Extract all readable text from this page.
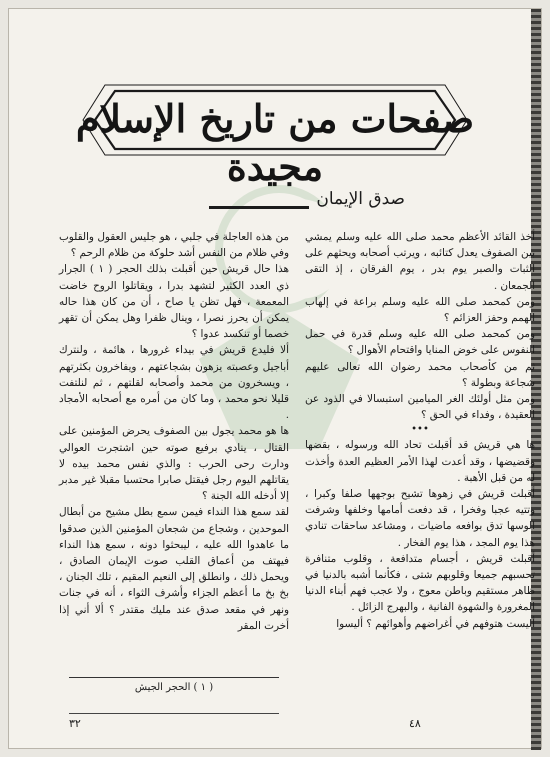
صفحات من تاريخ الإسلام مجيدة
صدق الإيمان

أخذ القائد الأعظم محمد صلى الله عليه وسلم يمشي بين الصفوف يعدل كتائبه ، ويرتب أصحابه ويحثهم على الثبات والصبر يوم بدر ، يوم الفرقان ، إذ التقى الجمعان .

ومن كمحمد صلى الله عليه وسلم براعة في إلهاب الهمم وحفز العزائم ؟

ومن كمحمد صلى الله عليه وسلم قدرة في حمل النفوس على خوض المنايا واقتحام الأهوال ؟

ثم من كأصحاب محمد رضوان الله تعالى عليهم شجاعة وبطولة ؟

ومن مثل أولئك الغر الميامين استبسالا في الذود عن العقيدة ، وفداء في الحق ؟

•••

ها هي قريش قد أقبلت تحاد الله ورسوله ، بقضها وقضيضها ، وقد أعدت لهذا الأمر العظيم العدة وأخذت له من قبل الأهبة .

أقبلت قريش في زهوها تشيح بوجهها صلفا وكبرا ، وتتيه عجبا وفخرا ، قد دفعت أمامها وخلفها وشرفت الوسها تدق بوافعه ماضيات ، ومشاعد ساحقات تنادي هذا يوم المجد ، هذا يوم الفخار .

أقبلت قريش ، أجسام متدافعة ، وقلوب متنافرة تحسبهم جميعا وقلوبهم شتى ، فكأنما أشبه بالدنيا في ظاهر مستقيم وباطن معوج ، ولا عجب فهم أبناء الدنيا المغرورة والشهوة الفانية ، والبهرج الزائل .

أليست هتوفهم في أغراضهم وأهوائهم ؟ أليسوا

من هذه العاجلة في جلبي ، هو جليس العقول والقلوب وفي ظلام من النفس أشد حلوكة من ظلام الرحم ؟

هذا حال قريش حين أقبلت بذلك الحجر ( ١ ) الجرار ذي العدد الكثير لتشهد بدرا ، ويقاتلوا الروح خاضت المعمعة ، فهل تظن يا صاح ، أن من كان هذا حاله يمكن أن يحرز نصرا ، وينال ظفرا وهل يمكن أن تقهر خصما أو تنكسد عدوا ؟

ألا فليدع قريش في بيداء غرورها ، هائمة ، ولنترك أباجيل وعصبته يزهون بشجاعتهم ، ويفاخرون بكثرتهم ، ويسخرون من محمد وأصحابه لقلتهم ، ثم لنلتفت قليلا نحو محمد ، وما كان من أمره مع أصحابه الأمجاد .

ها هو محمد يجول بين الصفوف يحرض المؤمنين على القتال ، ينادي برفيع صوته حين اشتجرت العوالي ودارت رحى الحرب : والذي نفس محمد بيده لا يقاتلهم اليوم رجل فيقتل صابرا محتسبا مقبلا غير مدبر إلا أدخله الله الجنة ؟

لقد سمع هذا النداء فيمن سمع بطل مشيح من أبطال الموحدين ، وشجاع من شجعان المؤمنين الذين صدقوا ما عاهدوا الله عليه ، ليبحثوا دونه ، سمع هذا النداء فيهتف من أعماق القلب صوت الإيمان الصادق ، ويحمل ذلك ، وانطلق إلى النعيم المقيم ، تلك الجنان ، بخ بخ ما أعظم الجزاء وأشرف الثواء ، أنه في جنات ونهر في مقعد صدق عند مليك مقتدر ؟ ألا أني إذا أخرت المقر

( ١ ) الحجر الجيش
٣٢	٤٨
